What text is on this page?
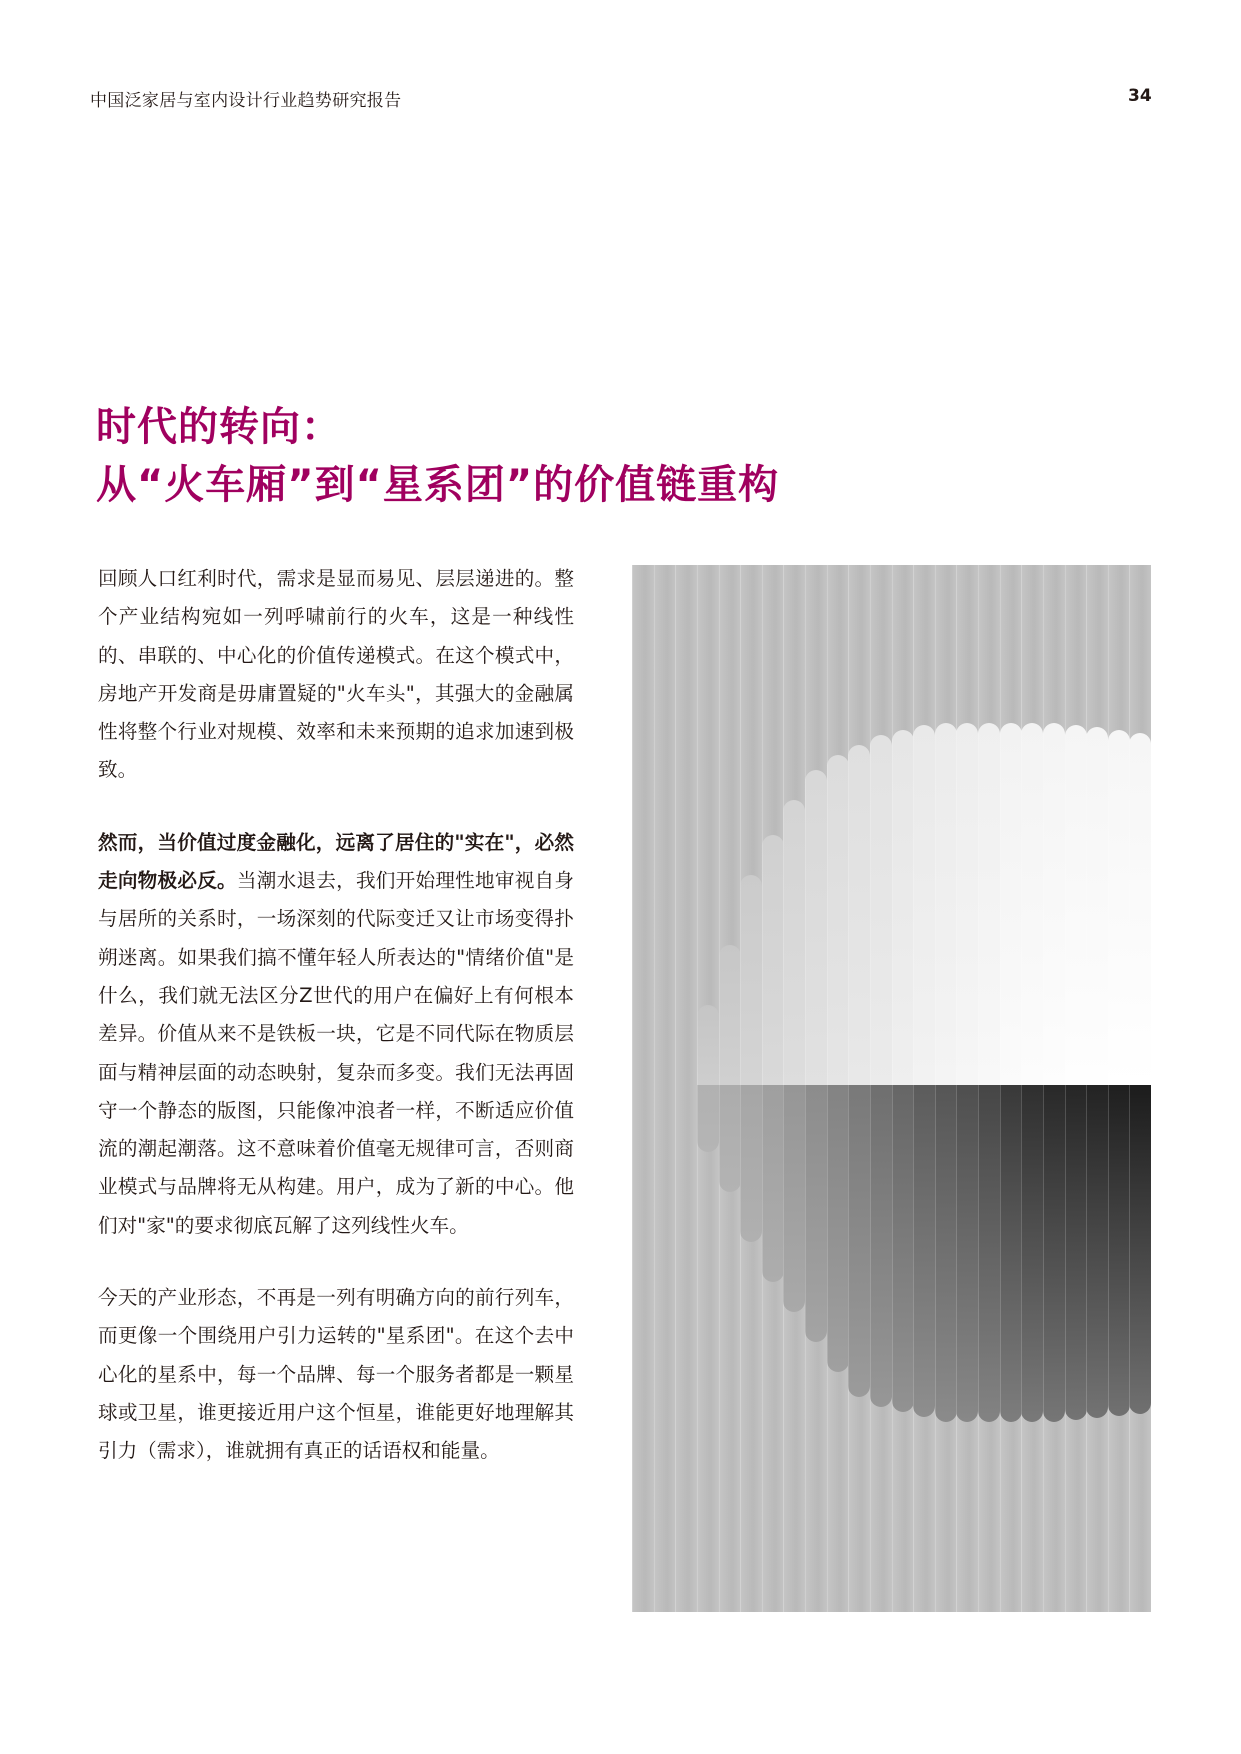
中国泛家居与室内设计行业趋势研究报告	34
时代的转向：
从“火车厢”到“星系团”的价值链重构

回顾人口红利时代，需求是显而易见、层层递进的。整个产业结构宛如一列呼啸前行的火车，这是一种线性的、串联的、中心化的价值传递模式。在这个模式中，房地产开发商是毋庸置疑的"火车头"，其强大的金融属性将整个行业对规模、效率和未来预期的追求加速到极致。

然而，当价值过度金融化，远离了居住的"实在"，必然走向物极必反。当潮水退去，我们开始理性地审视自身与居所的关系时，一场深刻的代际变迁又让市场变得扑朔迷离。如果我们搞不懂年轻人所表达的"情绪价值"是什么，我们就无法区分Z世代的用户在偏好上有何根本差异。价值从来不是铁板一块，它是不同代际在物质层面与精神层面的动态映射，复杂而多变。我们无法再固守一个静态的版图，只能像冲浪者一样，不断适应价值流的潮起潮落。这不意味着价值毫无规律可言，否则商业模式与品牌将无从构建。用户，成为了新的中心。他们对"家"的要求彻底瓦解了这列线性火车。

今天的产业形态，不再是一列有明确方向的前行列车，而更像一个围绕用户引力运转的"星系团"。在这个去中心化的星系中，每一个品牌、每一个服务者都是一颗星球或卫星，谁更接近用户这个恒星，谁能更好地理解其引力（需求），谁就拥有真正的话语权和能量。
